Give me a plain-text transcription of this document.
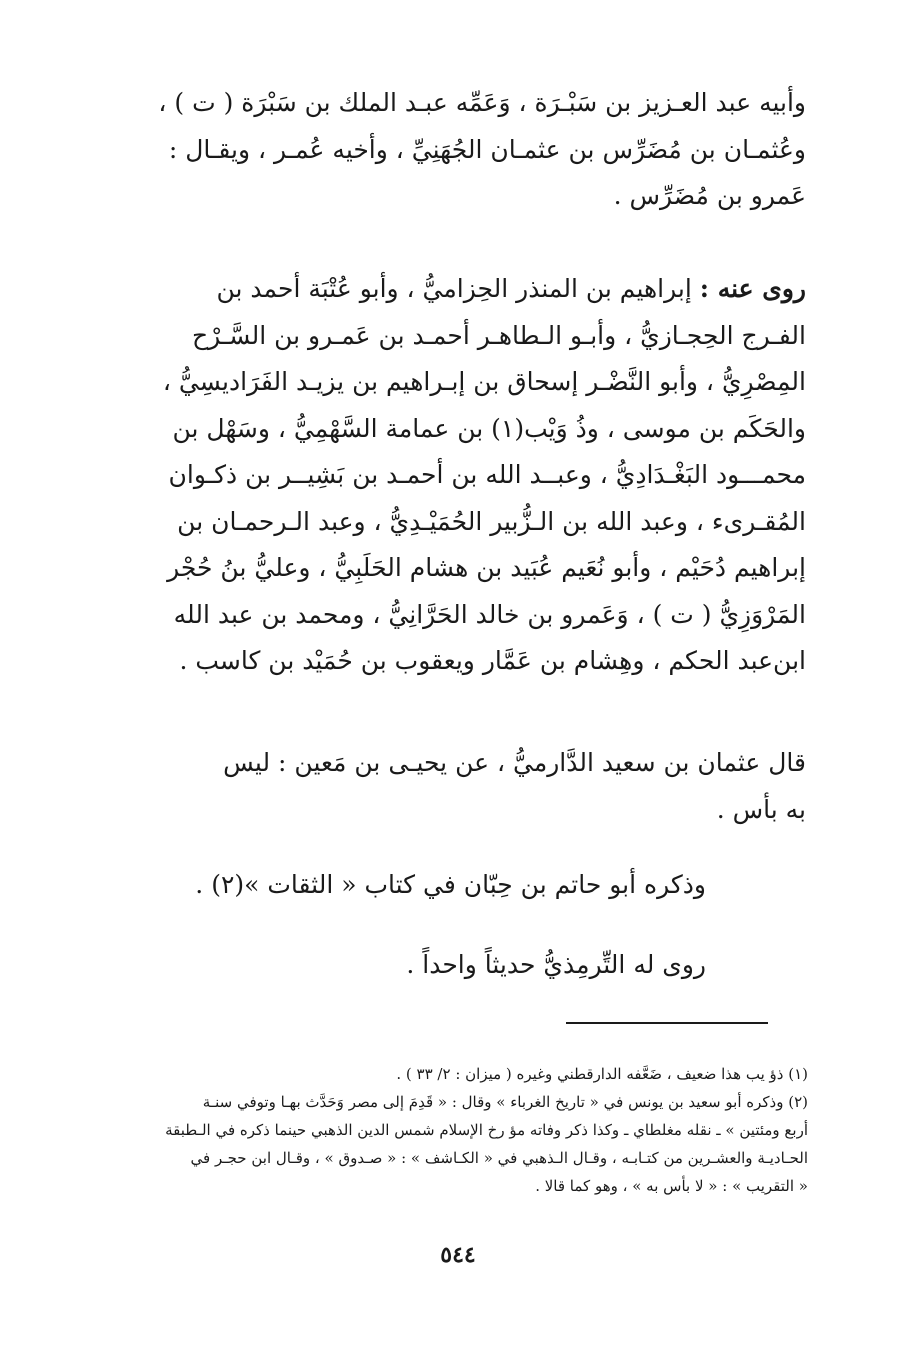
وأبيه عبد العـزيز بن سَبْـرَة ، وَعَمِّه عبـد الملك بن سَبْرَة ( ت ) ،
وعُثمـان بن مُضَرِّس بن عثمـان الجُهَنِيِّ ، وأخيه عُمـر ، ويقـال :
عَمرو بن مُضَرِّس .
روى عنه : إبراهيم بن المنذر الحِزاميُّ ، وأبو عُتْبَة أحمد بن
الفـرج الحِجـازيُّ ، وأبـو الـطاهـر أحمـد بن عَمـرو بن السَّـرْح
المِصْرِيُّ ، وأبو النَّضْـر إسحاق بن إبـراهيم بن يزيـد الفَرَاديسِيُّ ،
والحَكَم بن موسى ، وذُ وَيْب(١) بن عمامة السَّهْمِيُّ ، وسَهْل بن
محمـــود البَغْـدَادِيُّ ، وعبــد الله بن أحمـد بن بَشِيــر بن ذكـوان
المُقـرىء ، وعبد الله بن الـزُّبير الحُمَيْـدِيُّ ، وعبد الـرحمـان بن
إبراهيم دُحَيْم ، وأبو نُعَيم عُبَيد بن هشام الحَلَبِيُّ ، وعليُّ بنُ حُجْر
المَرْوَزِيُّ ( ت ) ، وَعَمرو بن خالد الحَرَّانِيُّ ، ومحمد بن عبد الله
ابن‌عبد الحكم ، وهِشام بن عَمَّار ويعقوب بن حُمَيْد بن كاسب .
قال عثمان بن سعيد الدَّارميُّ ، عن يحيـى بن مَعين : ليس
به بأس .
وذكره أبو حاتم بن حِبّان في كتاب « الثقات »(٢) .
روى له التِّرمِذيُّ حديثاً واحداً .
(١) ذؤ يب هذا ضعيف ، ضَعَّفه الدارقطني وغيره ( ميزان : ٢/ ٣٣ ) .
(٢) وذكره أبو سعيد بن يونس في « تاريخ الغرباء » وقال : « قَدِمَ إلى مصر وَحَدَّث بهـا وتوفي سنـة
أربع ومئتين » ـ نقله مغلطاي ـ وكذا ذكر وفاته مؤ رخ الإسلام شمس الدين الذهبي حينما ذكره في الـطبقة
الحـاديـة والعشـرين من كتـابـه ، وقـال الـذهبي في « الكـاشف » : « صـدوق » ، وقـال ابن حجـر في
« التقريب » : « لا بأس به » ، وهو كما قالا .
٥٤٤
